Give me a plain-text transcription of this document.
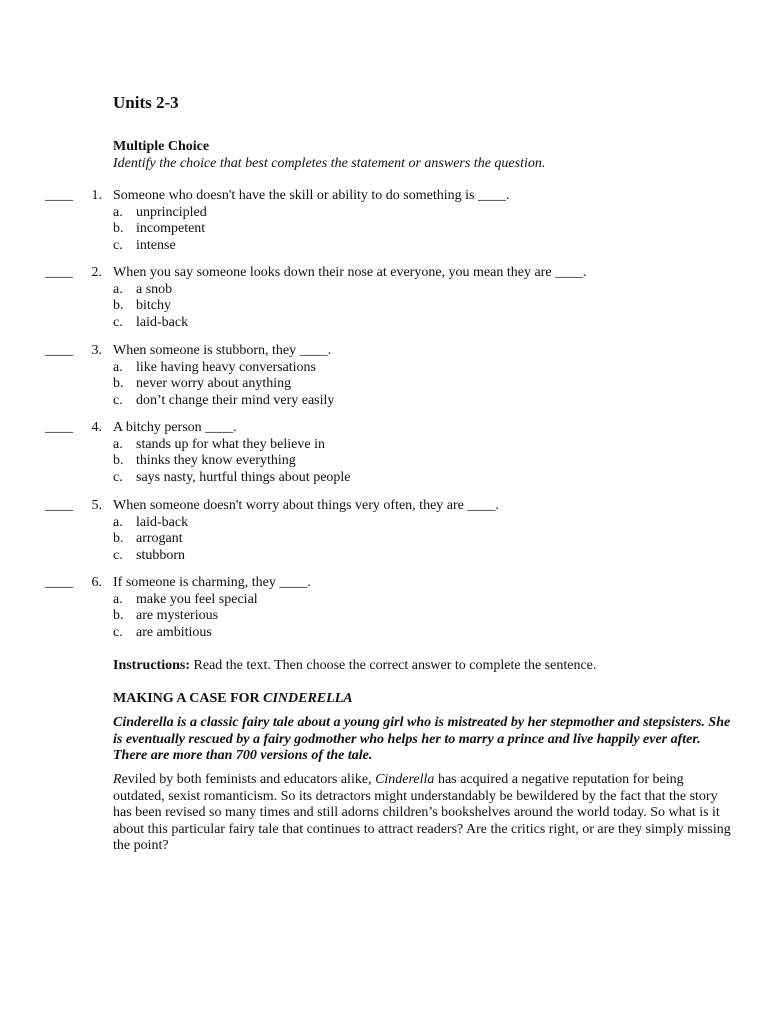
Units 2-3
Multiple Choice
Identify the choice that best completes the statement or answers the question.
____	1. Someone who doesn't have the skill or ability to do something is ____.
a. unprincipled
b. incompetent
c. intense
____	2. When you say someone looks down their nose at everyone, you mean they are ____.
a. a snob
b. bitchy
c. laid-back
____	3. When someone is stubborn, they ____.
a. like having heavy conversations
b. never worry about anything
c. don’t change their mind very easily
____	4. A bitchy person ____.
a. stands up for what they believe in
b. thinks they know everything
c. says nasty, hurtful things about people
____	5. When someone doesn't worry about things very often, they are ____.
a. laid-back
b. arrogant
c. stubborn
____	6. If someone is charming, they ____.
a. make you feel special
b. are mysterious
c. are ambitious
Instructions: Read the text. Then choose the correct answer to complete the sentence.
MAKING A CASE FOR CINDERELLA

Cinderella is a classic fairy tale about a young girl who is mistreated by her stepmother and stepsisters. She is eventually rescued by a fairy godmother who helps her to marry a prince and live happily ever after. There are more than 700 versions of the tale.

Reviled by both feminists and educators alike, Cinderella has acquired a negative reputation for being outdated, sexist romanticism. So its detractors might understandably be bewildered by the fact that the story has been revised so many times and still adorns children’s bookshelves around the world today. So what is it about this particular fairy tale that continues to attract readers? Are the critics right, or are they simply missing the point?
